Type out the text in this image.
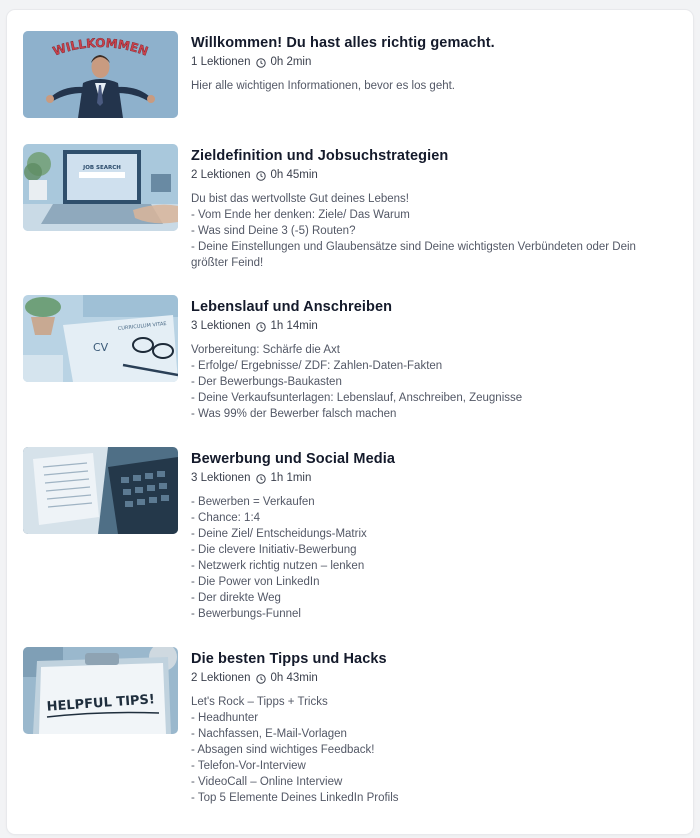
WILLKOMMEN	Willkommen! Du hast alles richtig gemacht.
1 Lektionen 0h 2min
Hier alle wichtigen Informationen, bevor es los geht.
JOB SEARCH
Zieldefinition und Jobsuchstrategien
2 Lektionen 0h 45min
Du bist das wertvollste Gut deines Lebens!
- Vom Ende her denken: Ziele/ Das Warum
- Was sind Deine 3 (-5) Routen?
- Deine Einstellungen und Glaubensätze sind Deine wichtigsten Verbündeten oder Dein größter Feind!
CURRICULUM VITAE
CV
Lebenslauf und Anschreiben
3 Lektionen 1h 14min
Vorbereitung: Schärfe die Axt
- Erfolge/ Ergebnisse/ ZDF: Zahlen-Daten-Fakten
- Der Bewerbungs-Baukasten
- Deine Verkaufsunterlagen: Lebenslauf, Anschreiben, Zeugnisse
- Was 99% der Bewerber falsch machen
Bewerbung und Social Media
3 Lektionen 1h 1min
- Bewerben = Verkaufen
- Chance: 1:4
- Deine Ziel/ Entscheidungs-Matrix
- Die clevere Initiativ-Bewerbung
- Netzwerk richtig nutzen – lenken
- Die Power von LinkedIn
- Der direkte Weg
- Bewerbungs-Funnel
HELPFUL TIPS!
Die besten Tipps und Hacks
2 Lektionen 0h 43min
Let's Rock – Tipps + Tricks
- Headhunter
- Nachfassen, E-Mail-Vorlagen
- Absagen sind wichtiges Feedback!
- Telefon-Vor-Interview
- VideoCall – Online Interview
- Top 5 Elemente Deines LinkedIn Profils
